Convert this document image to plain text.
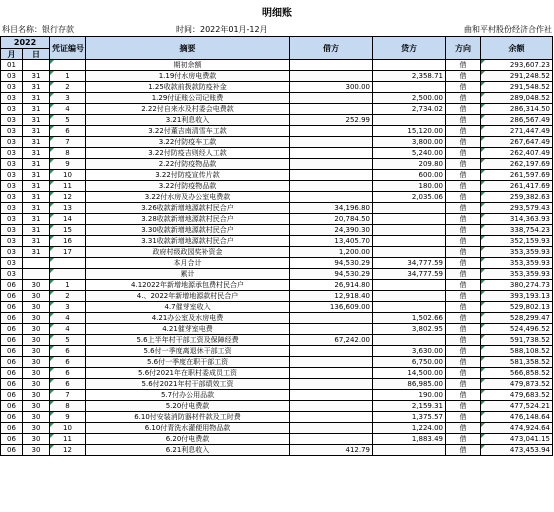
明细账
科目名称：银行存款	时间：2022年01月-12月	曲和平村股份经济合作社
2022		凭证编号	摘要	借方	贷方	方向	余额
月	日						
01			期初余额			借	293,607.23
03	31	1	1.19付水房电费款		2,358.71	借	291,248.52
03	31	2	1.25收款前拨款防疫补金	300.00		借	291,548.52
03	31	3	1.29付证账公司记账费		2,500.00	借	289,048.52
03	31	4	2.22付自来水及村委会电费款		2,734.02	借	286,314.50
03	31	5	3.21利息收入	252.99		借	286,567.49
03	31	6	3.22付董吉南清雪车工款		15,120.00	借	271,447.49
03	31	7	3.22付防疫车工款		3,800.00	借	267,647.49
03	31	8	3.22付防疫吉则经人工款		5,240.00	借	262,407.49
03	31	9	2.22付防疫物品款		209.80	借	262,197.69
03	31	10	3.22付防疫宣传片款		600.00	借	261,597.69
03	31	11	3.22付防疫物品款		180.00	借	261,417.69
03	31	12	3.22付水房及办公室电费款		2,035.06	借	259,382.63
03	31	13	3.26收款新增地源款村民合户	34,196.80		借	293,579.43
03	31	14	3.28收款新增地源款村民合户	20,784.50		借	314,363.93
03	31	15	3.30收款新增地源款村民合户	24,390.30		借	338,754.23
03	31	16	3.31收款新增地源款村民合户	13,405.70		借	352,159.93
03	31	17	政府村级政园奖补资金	1,200.00		借	353,359.93
03			本月合计	94,530.29	34,777.59	借	353,359.93
03			累计	94,530.29	34,777.59	借	353,359.93
06	30	1	4.12022年新增地源承包费村民合户	26,914.80		借	380,274.73
06	30	2	4.、2022年新增地源款村民合户	12,918.40		借	393,193.13
06	30	3	4.7催芽室收入	136,609.00		借	529,802.13
06	30	4	4.21办公室及水房电费		1,502.66	借	528,299.47
06	30	4	4.21催芽室电费		3,802.95	借	524,496.52
06	30	5	5.6上半年村干部工资及保障经费	67,242.00		借	591,738.52
06	30	6	5.6付一季度离退休干部工资		3,630.00	借	588,108.52
06	30	6	5.6付一季度在职干部工资		6,750.00	借	581,358.52
06	30	6	5.6付2021年在职村委成员工资		14,500.00	借	566,858.52
06	30	6	5.6付2021年村干部绩效工资		86,985.00	借	479,873.52
06	30	7	5.7付办公用品款		190.00	借	479,683.52
06	30	8	5.20付电费款		2,159.31	借	477,524.21
06	30	9	6.10付安装消防器材件款及工时费		1,375.57	借	476,148.64
06	30	10	6.10付青洗水灌便用物品款		1,224.00	借	474,924.64
06	30	11	6.20付电费款		1,883.49	借	473,041.15
06	30	12	6.21利息收入	412.79		借	473,453.94
